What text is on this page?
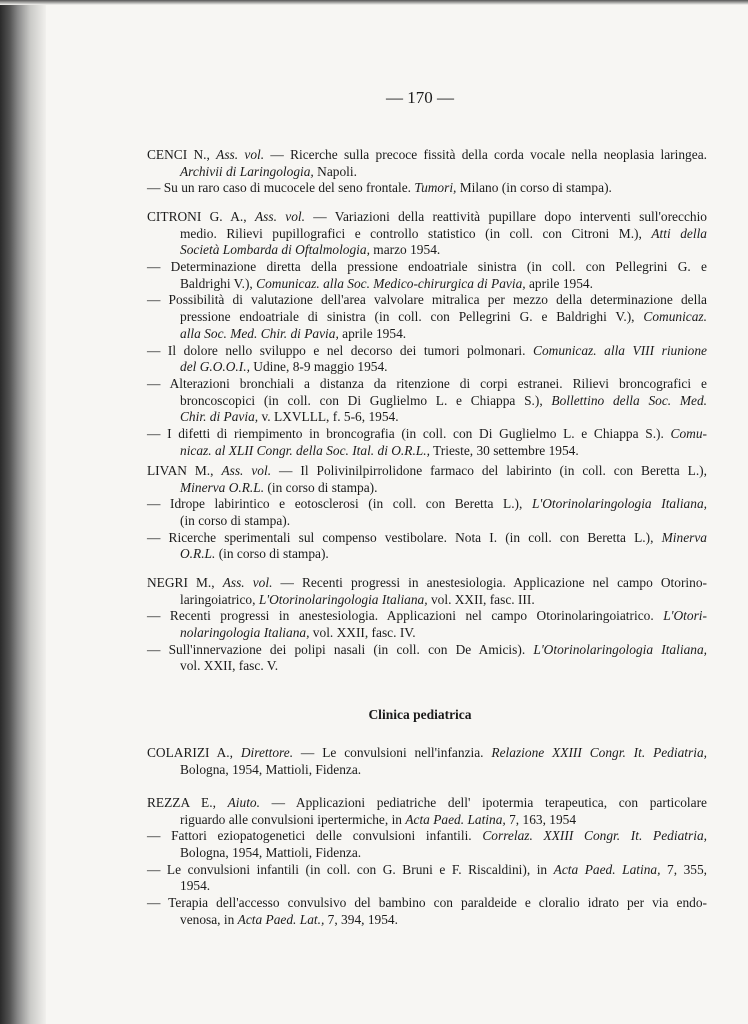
— 170 —
CENCI N., Ass. vol. — Ricerche sulla precoce fissità della corda vocale nella neoplasia laringea.
Archivii di Laringologia, Napoli.
— Su un raro caso di mucocele del seno frontale. Tumori, Milano (in corso di stampa).
CITRONI G. A., Ass. vol. — Variazioni della reattività pupillare dopo interventi sull'orecchio
medio. Rilievi pupillografici e controllo statistico (in coll. con Citroni M.), Atti della
Società Lombarda di Oftalmologia, marzo 1954.
— Determinazione diretta della pressione endoatriale sinistra (in coll. con Pellegrini G. e
Baldrighi V.), Comunicaz. alla Soc. Medico-chirurgica di Pavia, aprile 1954.
— Possibilità di valutazione dell'area valvolare mitralica per mezzo della determinazione della
pressione endoatriale di sinistra (in coll. con Pellegrini G. e Baldrighi V.), Comunicaz.
alla Soc. Med. Chir. di Pavia, aprile 1954.
— Il dolore nello sviluppo e nel decorso dei tumori polmonari. Comunicaz. alla VIII riunione
del G.O.O.I., Udine, 8-9 maggio 1954.
— Alterazioni bronchiali a distanza da ritenzione di corpi estranei. Rilievi broncografici e
broncoscopici (in coll. con Di Guglielmo L. e Chiappa S.), Bollettino della Soc. Med.
Chir. di Pavia, v. LXVLLL, f. 5-6, 1954.
— I difetti di riempimento in broncografia (in coll. con Di Guglielmo L. e Chiappa S.). Comu-
nicaz. al XLII Congr. della Soc. Ital. di O.R.L., Trieste, 30 settembre 1954.
LIVAN M., Ass. vol. — Il Polivinilpirrolidone farmaco del labirinto (in coll. con Beretta L.),
Minerva O.R.L. (in corso di stampa).
— Idrope labirintico e eotosclerosi (in coll. con Beretta L.), L'Otorinolaringologia Italiana,
(in corso di stampa).
— Ricerche sperimentali sul compenso vestibolare. Nota I. (in coll. con Beretta L.), Minerva
O.R.L. (in corso di stampa).
NEGRI M., Ass. vol. — Recenti progressi in anestesiologia. Applicazione nel campo Otorino-
laringoiatrico, L'Otorinolaringologia Italiana, vol. XXII, fasc. III.
— Recenti progressi in anestesiologia. Applicazioni nel campo Otorinolaringoiatrico. L'Otori-
nolaringologia Italiana, vol. XXII, fasc. IV.
— Sull'innervazione dei polipi nasali (in coll. con De Amicis). L'Otorinolaringologia Italiana,
vol. XXII, fasc. V.
Clinica pediatrica
COLARIZI A., Direttore. — Le convulsioni nell'infanzia. Relazione XXIII Congr. It. Pediatria,
Bologna, 1954, Mattioli, Fidenza.
REZZA E., Aiuto. — Applicazioni pediatriche dell' ipotermia terapeutica, con particolare
riguardo alle convulsioni ipertermiche, in Acta Paed. Latina, 7, 163, 1954
— Fattori eziopatogenetici delle convulsioni infantili. Correlaz. XXIII Congr. It. Pediatria,
Bologna, 1954, Mattioli, Fidenza.
— Le convulsioni infantili (in coll. con G. Bruni e F. Riscaldini), in Acta Paed. Latina, 7, 355,
1954.
— Terapia dell'accesso convulsivo del bambino con paraldeide e cloralio idrato per via endo-
venosa, in Acta Paed. Lat., 7, 394, 1954.
